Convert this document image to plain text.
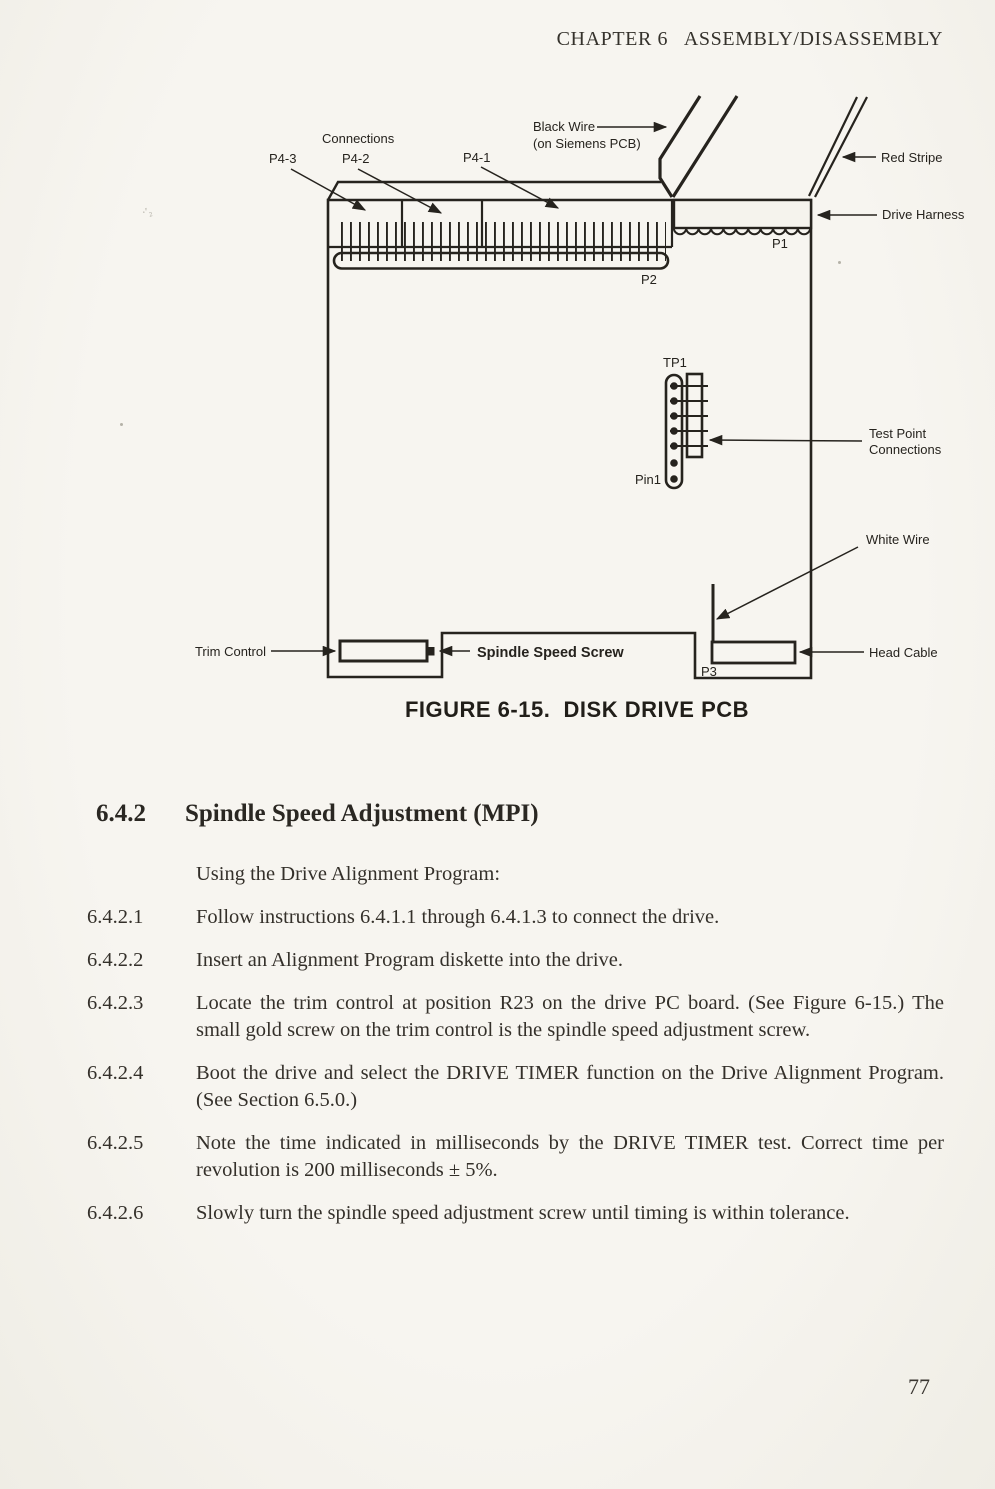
CHAPTER 6   ASSEMBLY/DISASSEMBLY
Connections
P4-3	P4-2	P4-1
Black Wire
(on Siemens PCB)
Red Stripe
Drive Harness
P1
P2
TP1
Pin1
Test Point
Connections
White Wire
Head Cable
P3
Trim Control	Spindle Speed Screw
FIGURE 6-15.  DISK DRIVE PCB
6.4.2	Spindle Speed Adjustment (MPI)
Using the Drive Alignment Program:
6.4.2.1	Follow instructions 6.4.1.1 through 6.4.1.3 to connect the drive.
6.4.2.2	Insert an Alignment Program diskette into the drive.
6.4.2.3	Locate the trim control at position R23 on the drive PC board. (See Figure 6-15.) The small gold screw on the trim control is the spindle speed adjustment screw.
6.4.2.4	Boot the drive and select the DRIVE TIMER function on the Drive Alignment Program. (See Section 6.5.0.)
6.4.2.5	Note the time indicated in milliseconds by the DRIVE TIMER test. Correct time per revolution is 200 milliseconds ± 5%.
6.4.2.6	Slowly turn the spindle speed adjustment screw until timing is within tolerance.
77
·′₂
